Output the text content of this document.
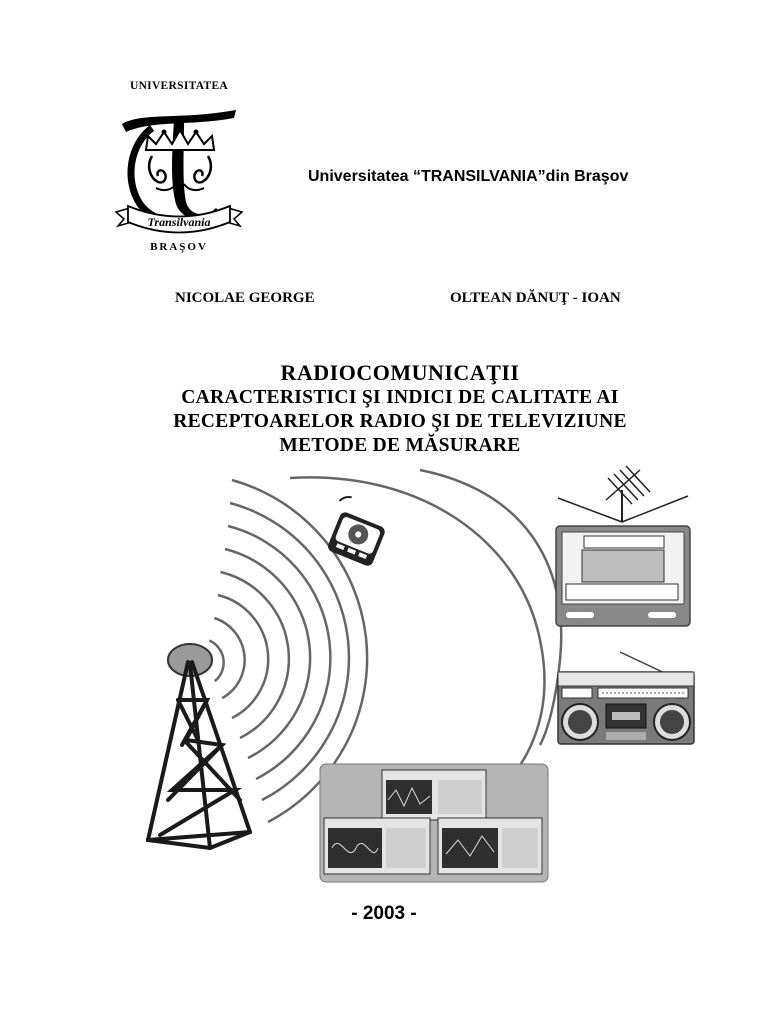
UNIVERSITATEA
Transilvania
BRAŞOV
Universitatea “TRANSILVANIA”din Braşov
NICOLAE GEORGE	OLTEAN DĂNUŢ - IOAN
RADIOCOMUNICAŢII
CARACTERISTICI ŞI INDICI DE CALITATE AI
RECEPTOARELOR RADIO ŞI DE TELEVIZIUNE
METODE DE MĂSURARE
- 2003 -
